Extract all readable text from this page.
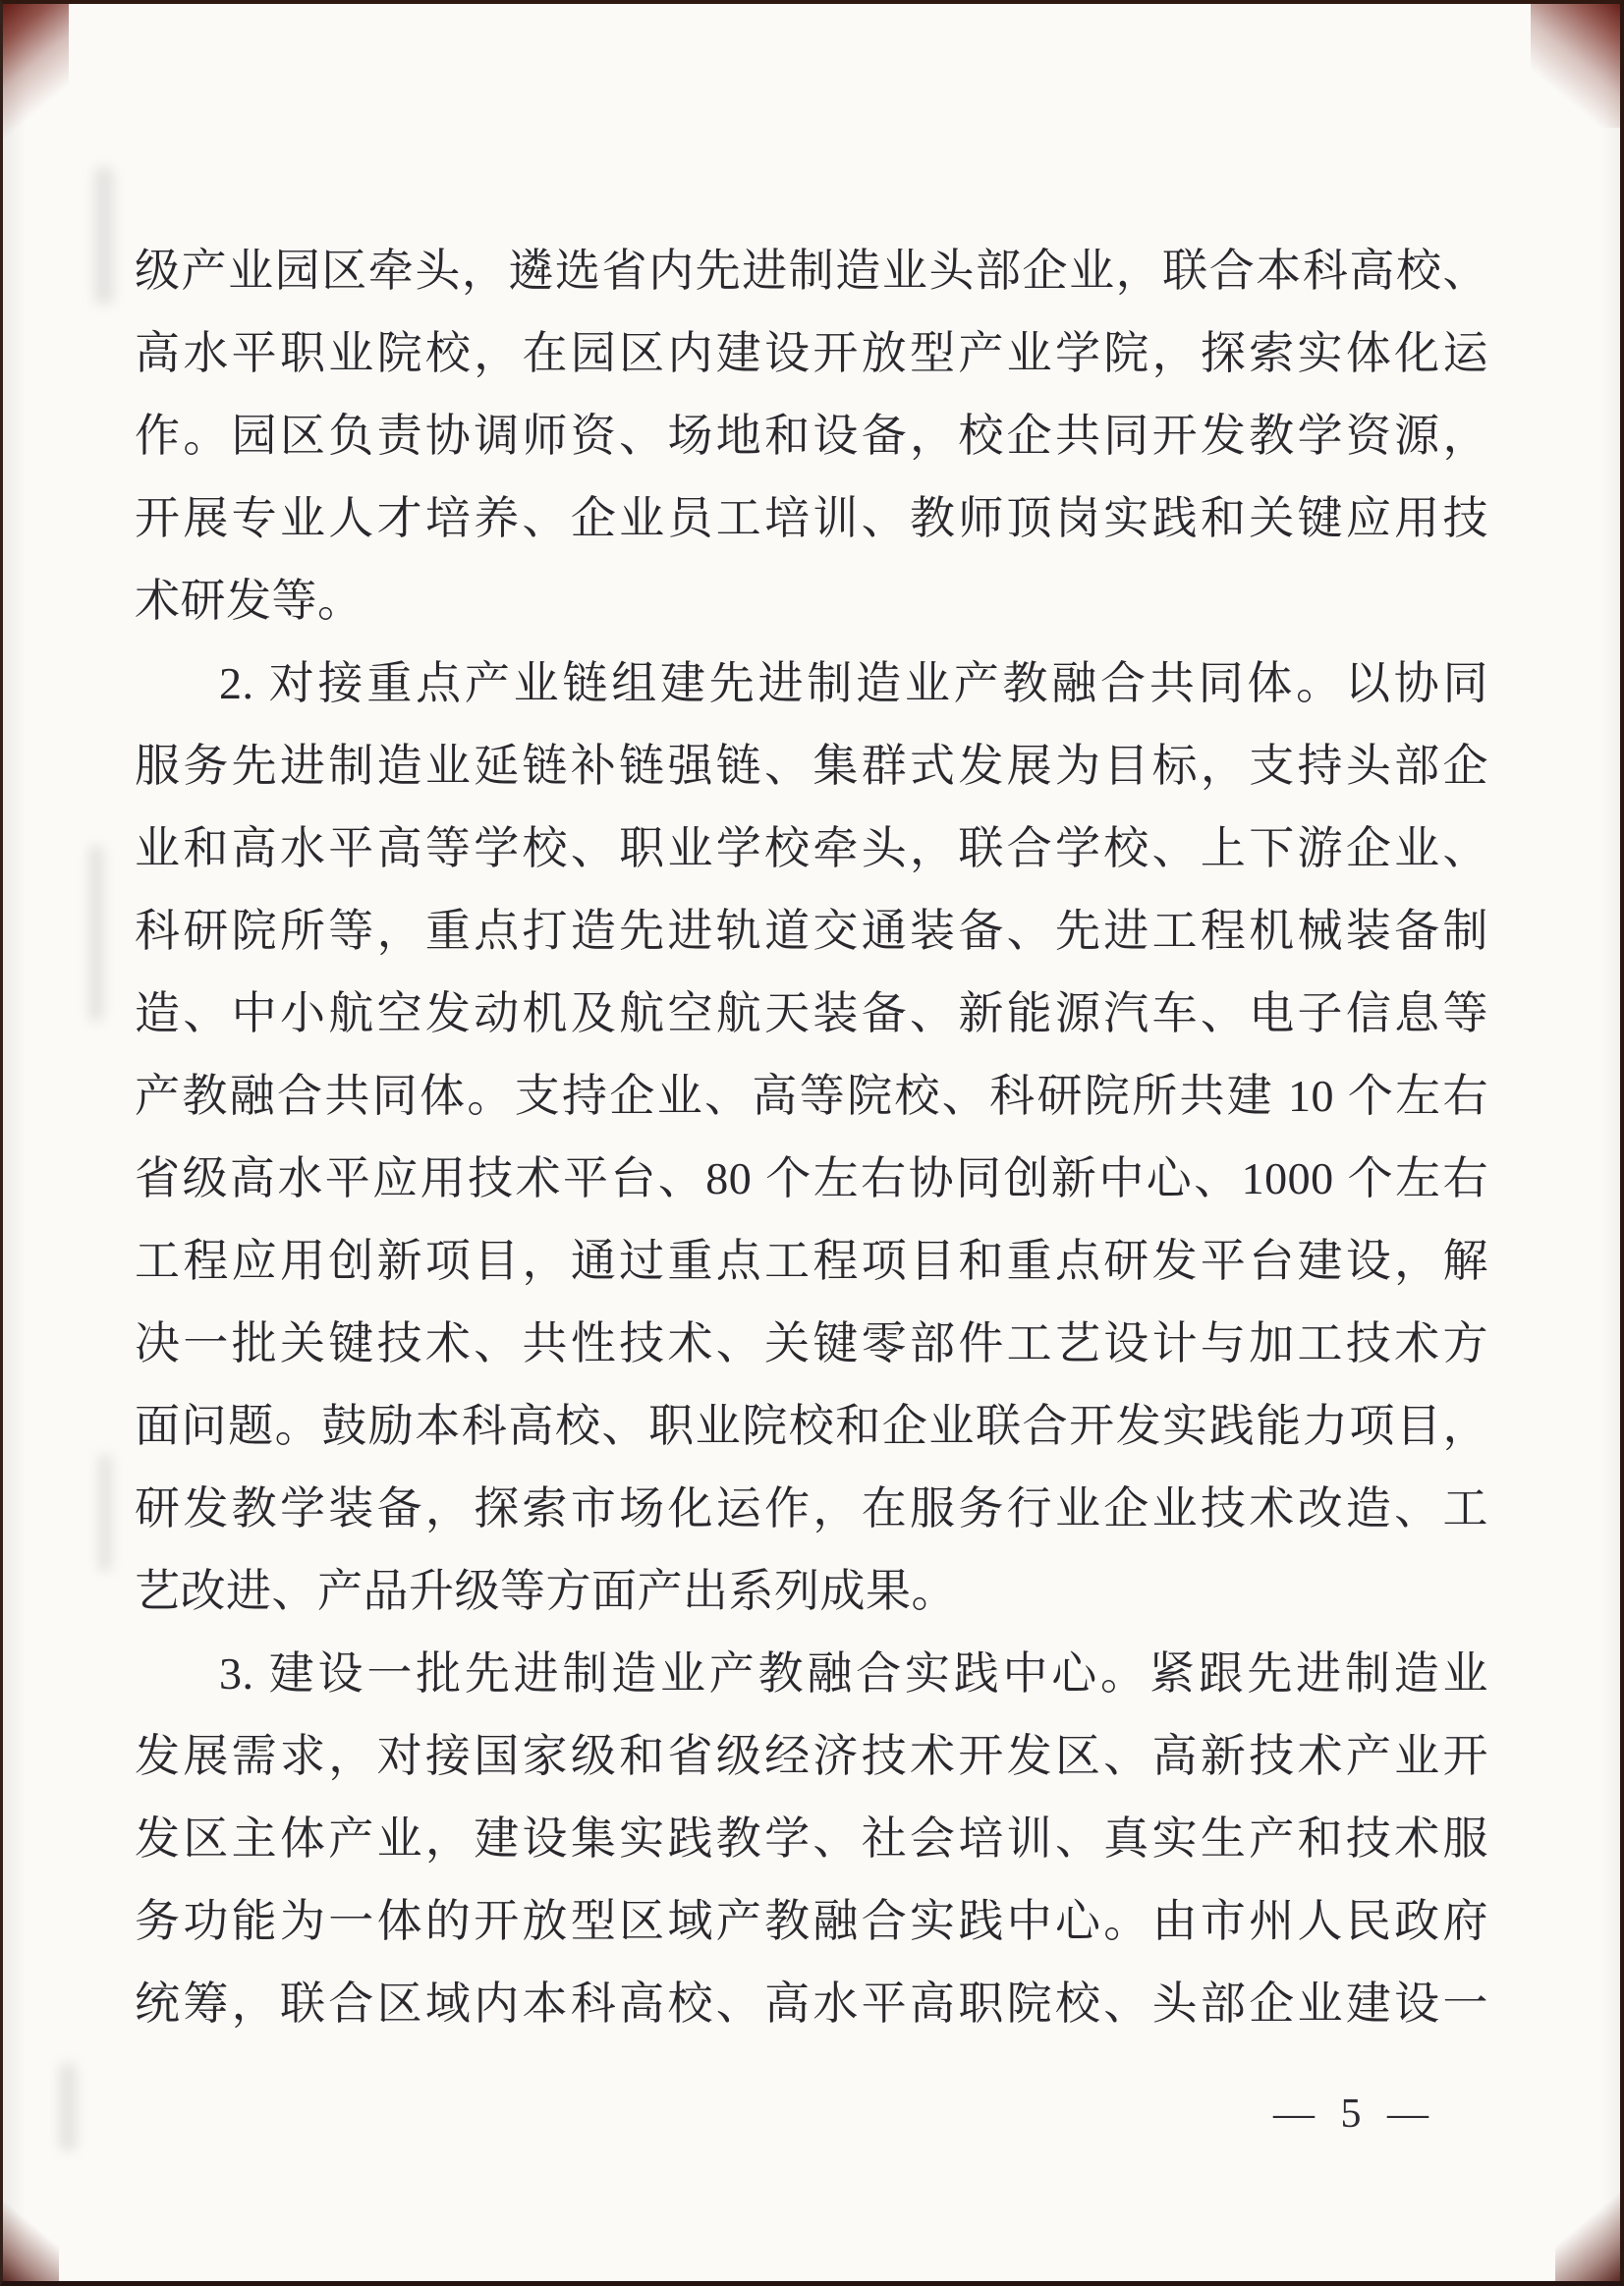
级产业园区牵头，遴选省内先进制造业头部企业，联合本科高校、
高水平职业院校，在园区内建设开放型产业学院，探索实体化运
作。园区负责协调师资、场地和设备，校企共同开发教学资源，
开展专业人才培养、企业员工培训、教师顶岗实践和关键应用技
术研发等。
2. 对接重点产业链组建先进制造业产教融合共同体。以协同
服务先进制造业延链补链强链、集群式发展为目标，支持头部企
业和高水平高等学校、职业学校牵头，联合学校、上下游企业、
科研院所等，重点打造先进轨道交通装备、先进工程机械装备制
造、中小航空发动机及航空航天装备、新能源汽车、电子信息等
产教融合共同体。支持企业、高等院校、科研院所共建 10 个左右
省级高水平应用技术平台、80 个左右协同创新中心、1000 个左右
工程应用创新项目，通过重点工程项目和重点研发平台建设，解
决一批关键技术、共性技术、关键零部件工艺设计与加工技术方
面问题。鼓励本科高校、职业院校和企业联合开发实践能力项目，
研发教学装备，探索市场化运作，在服务行业企业技术改造、工
艺改进、产品升级等方面产出系列成果。
3. 建设一批先进制造业产教融合实践中心。紧跟先进制造业
发展需求，对接国家级和省级经济技术开发区、高新技术产业开
发区主体产业，建设集实践教学、社会培训、真实生产和技术服
务功能为一体的开放型区域产教融合实践中心。由市州人民政府
统筹，联合区域内本科高校、高水平高职院校、头部企业建设一
— 5 —
